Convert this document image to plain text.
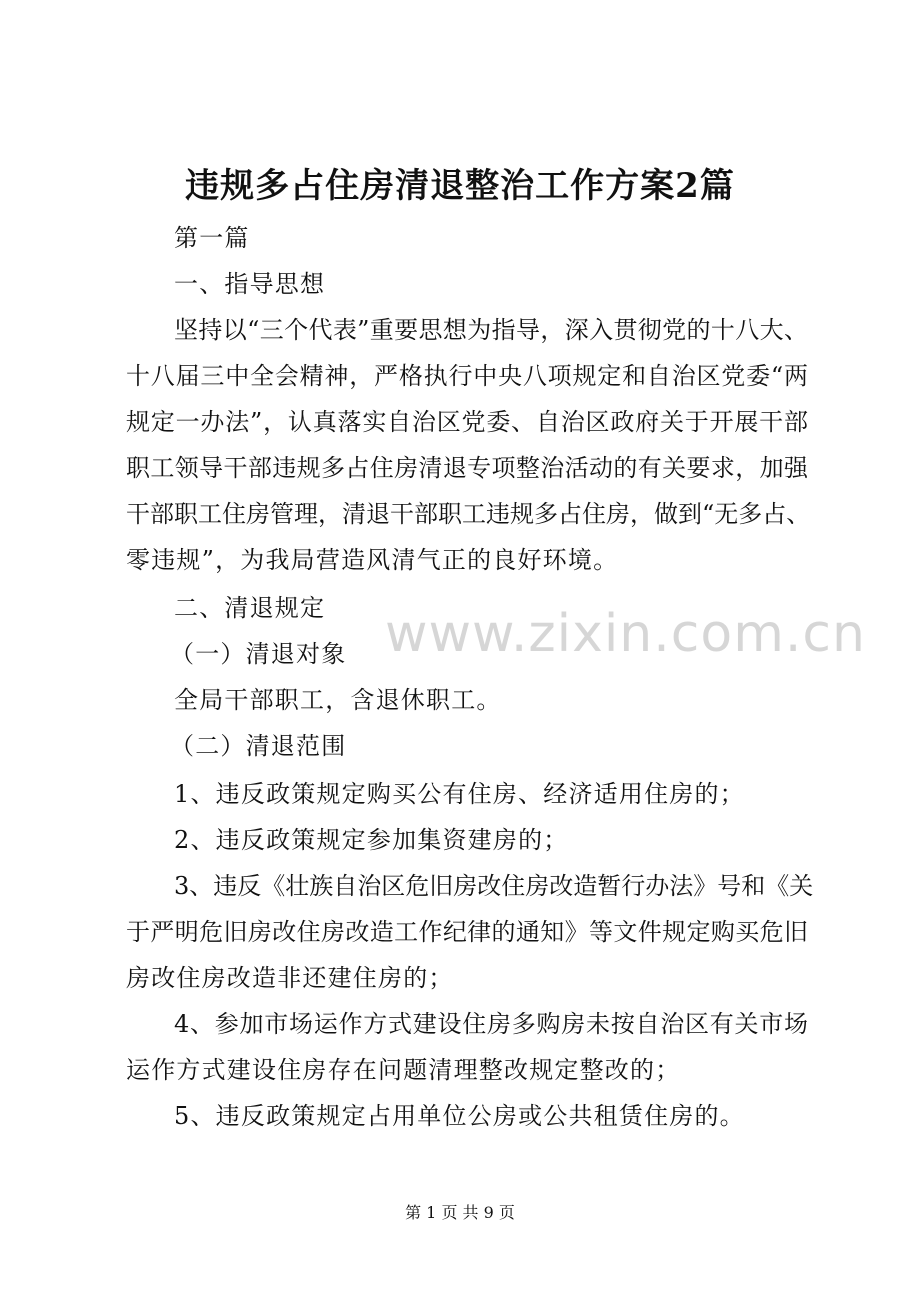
违规多占住房清退整治工作方案2篇
第一篇
一、指导思想
坚持以“三个代表”重要思想为指导，深入贯彻党的十八大、
十八届三中全会精神，严格执行中央八项规定和自治区党委“两
规定一办法”，认真落实自治区党委、自治区政府关于开展干部
职工领导干部违规多占住房清退专项整治活动的有关要求，加强
干部职工住房管理，清退干部职工违规多占住房，做到“无多占、
零违规”，为我局营造风清气正的良好环境。
二、清退规定
（一）清退对象
全局干部职工，含退休职工。
（二）清退范围
1、违反政策规定购买公有住房、经济适用住房的；
2、违反政策规定参加集资建房的；
3、违反《壮族自治区危旧房改住房改造暂行办法》号和《关
于严明危旧房改住房改造工作纪律的通知》等文件规定购买危旧
房改住房改造非还建住房的；
4、参加市场运作方式建设住房多购房未按自治区有关市场
运作方式建设住房存在问题清理整改规定整改的；
5、违反政策规定占用单位公房或公共租赁住房的。
www.zixin.com.cn
第 1 页 共 9 页
